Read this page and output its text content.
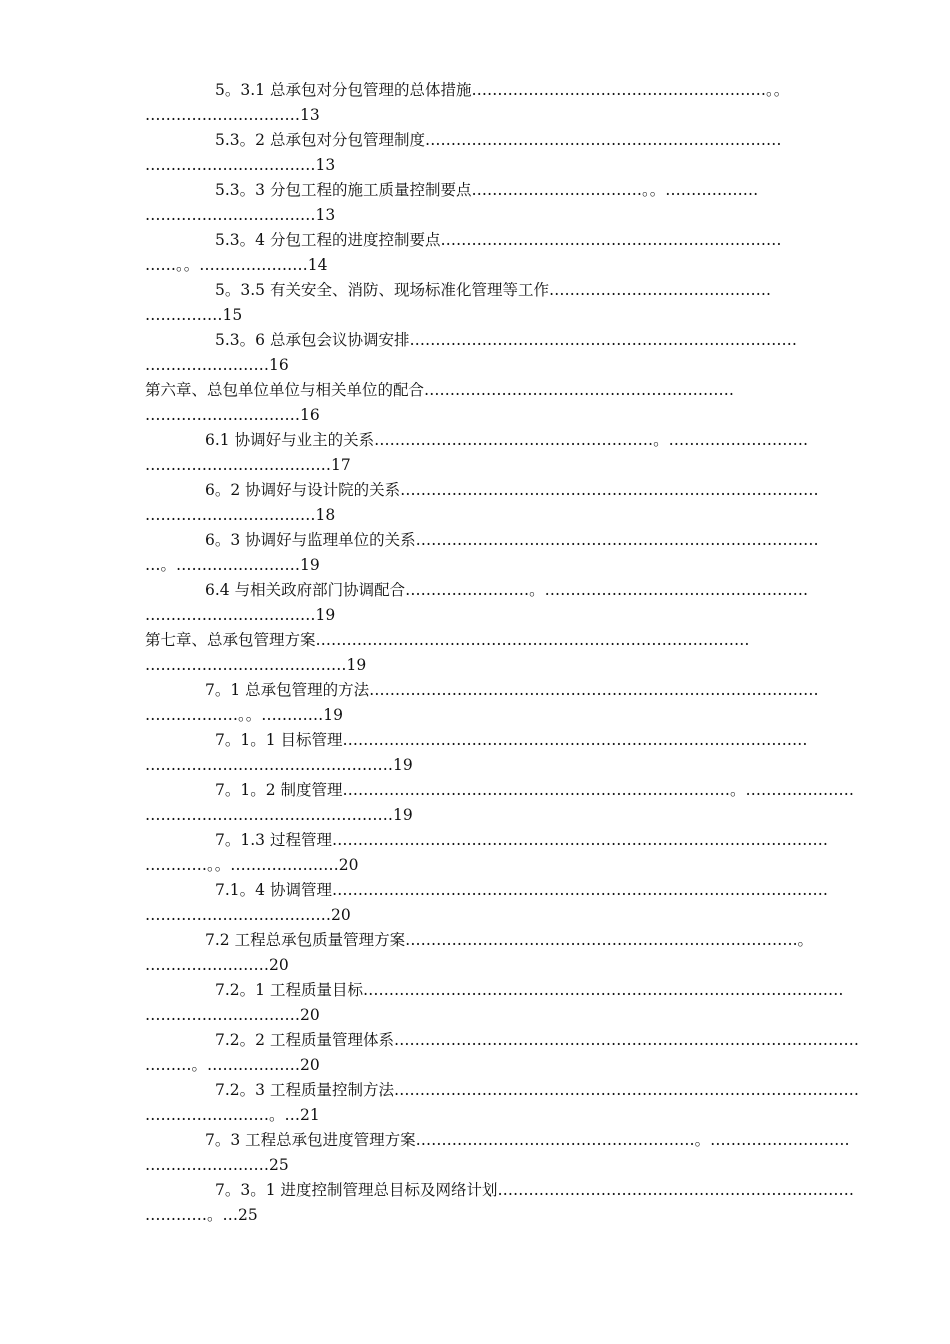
5。3.1 总承包对分包管理的总体措施…………………………………………………。。
…………………………13
5.3。2 总承包对分包管理制度……………………………………………………………
……………………………13
5.3。3 分包工程的施工质量控制要点……………………………。。………………
……………………………13
5.3。4 分包工程的进度控制要点…………………………………………………………
……。。…………………14
5。3.5 有关安全、消防、现场标准化管理等工作…………………………………….
……………15
5.3。6 总承包会议协调安排…………………………………………………………………
……………………16
第六章、总包单位单位与相关单位的配合……………………………………………………
…………………………16
6.1 协调好与业主的关系………………………………………………。………………………
………………………………17
6。2 协调好与设计院的关系………………………………………………………………………
……………………………18
6。3 协调好与监理单位的关系……………………………………………………………………
…。……………………19
6.4 与相关政府部门协调配合……………………。……………………………………………
……………………………19
第七章、总承包管理方案…………………………………………………………………………
…………………………………19
7。1 总承包管理的方法……………………………………………………………………………
………………。。…………19
7。1。1 目标管理………………………………………………………………………………
…………………………………………19
7。1。2 制度管理…………………………………………………………………。…………………
…………………………………………19
7。1.3 过程管理……………………………………………………………………………………
…………。。…………………20
7.1。4 协调管理……………………………………………………………………………………
………………………………20
7.2 工程总承包质量管理方案………………………………………………………………….。
……………………20
7.2。1 工程质量目标…………………………………………………………………………………
…………………………20
7.2。2 工程质量管理体系………………………………………………………………………………
………。………………20
7.2。3 工程质量控制方法………………………………………………………………………………
……………………。…21
7。3 工程总承包进度管理方案………………………………………………。………………………
……………………25
7。3。1 进度控制管理总目标及网络计划……………………………………………………………
…………。…25
